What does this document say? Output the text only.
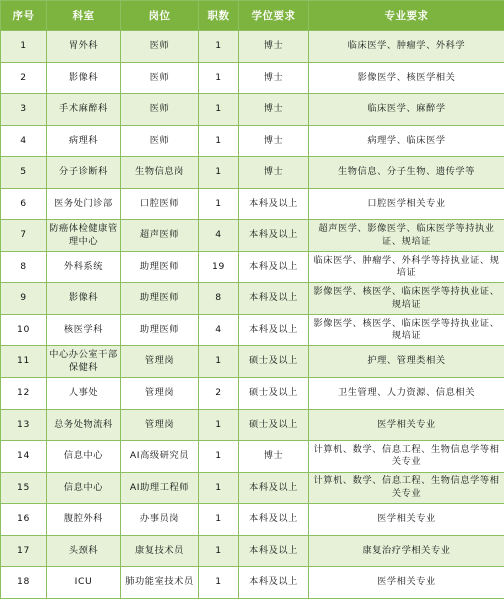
序号	科室	岗位	职数	学位要求	专业要求

1	胃外科	医师	1	博士	临床医学、肿瘤学、外科学

2	影像科	医师	1	博士	影像医学、核医学相关

3	手术麻醉科	医师	1	博士	临床医学、麻醉学

4	病理科	医师	1	博士	病理学、临床医学

5	分子诊断科	生物信息岗	1	博士	生物信息、分子生物、遗传学等

6	医务处门诊部	口腔医师	1	本科及以上	口腔医学相关专业

7	防癌体检健康管理中心	超声医师	4	本科及以上	超声医学、影像医学、临床医学等持执业证、规培证

8	外科系统	助理医师	19	本科及以上	临床医学、肿瘤学、外科学等持执业证、规培证

9	影像科	助理医师	8	本科及以上	影像医学、核医学、临床医学等持执业证、规培证

10	核医学科	助理医师	4	本科及以上	影像医学、核医学、临床医学等持执业证、规培证

11	中心办公室干部保健科	管理岗	1	硕士及以上	护理、管理类相关

12	人事处	管理岗	2	硕士及以上	卫生管理、人力资源、信息相关

13	总务处物流科	管理岗	1	硕士及以上	医学相关专业

14	信息中心	AI高级研究员	1	博士	计算机、数学、信息工程、生物信息学等相关专业

15	信息中心	AI助理工程师	1	本科及以上	计算机、数学、信息工程、生物信息学等相关专业

16	腹腔外科	办事员岗	1	本科及以上	医学相关专业

17	头颈科	康复技术员	1	本科及以上	康复治疗学相关专业

18	ICU	肺功能室技术员	1	本科及以上	医学相关专业
